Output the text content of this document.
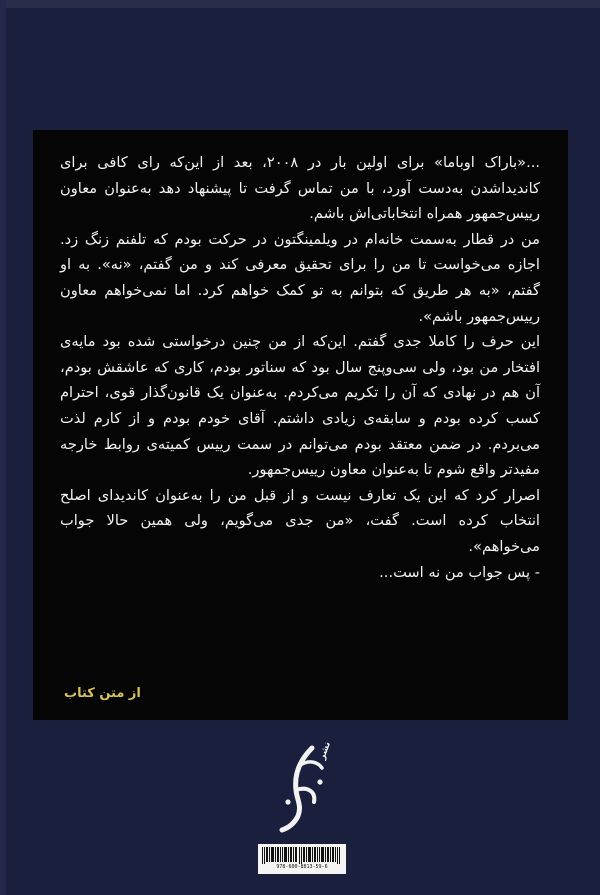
...«باراک اوباما» برای اولین بار در ۲۰۰۸، بعد از این‌که رای کافی برای کاندیداشدن به‌دست آورد، با من تماس گرفت تا پیشنهاد دهد به‌عنوان معاون رییس‌جمهور همراه انتخاباتی‌اش باشم.

من در قطار به‌سمت خانه‌ام در ویلمینگتون در حرکت بودم که تلفنم زنگ زد. اجازه می‌خواست تا من را برای تحقیق معرفی کند و من گفتم، «نه». به او گفتم، «به هر طریق که بتوانم به تو کمک خواهم کرد. اما نمی‌خواهم معاون رییس‌جمهور باشم».

این حرف را کاملا جدی گفتم. این‌که از من چنین درخواستی شده بود مایه‌ی افتخار من بود، ولی سی‌وپنج سال بود که سناتور بودم، کاری که عاشقش بودم، آن هم در نهادی که آن را تکریم می‌کردم. به‌عنوان یک قانون‌گذار قوی، احترام کسب کرده بودم و سابقه‌ی زیادی داشتم. آقای خودم بودم و از کارم لذت می‌بردم. در ضمن معتقد بودم می‌توانم در سمت رییس کمیته‌ی روابط خارجه مفیدتر واقع شوم تا به‌عنوان معاون رییس‌جمهور.

اصرار کرد که این یک تعارف نیست و از قبل من را به‌عنوان کاندیدای اصلح انتخاب کرده است. گفت، «من جدی می‌گویم، ولی همین حالا جواب می‌خواهم».

- پس جواب من نه است...

از متن کتاب
نشر
978-600-8813-59-6
